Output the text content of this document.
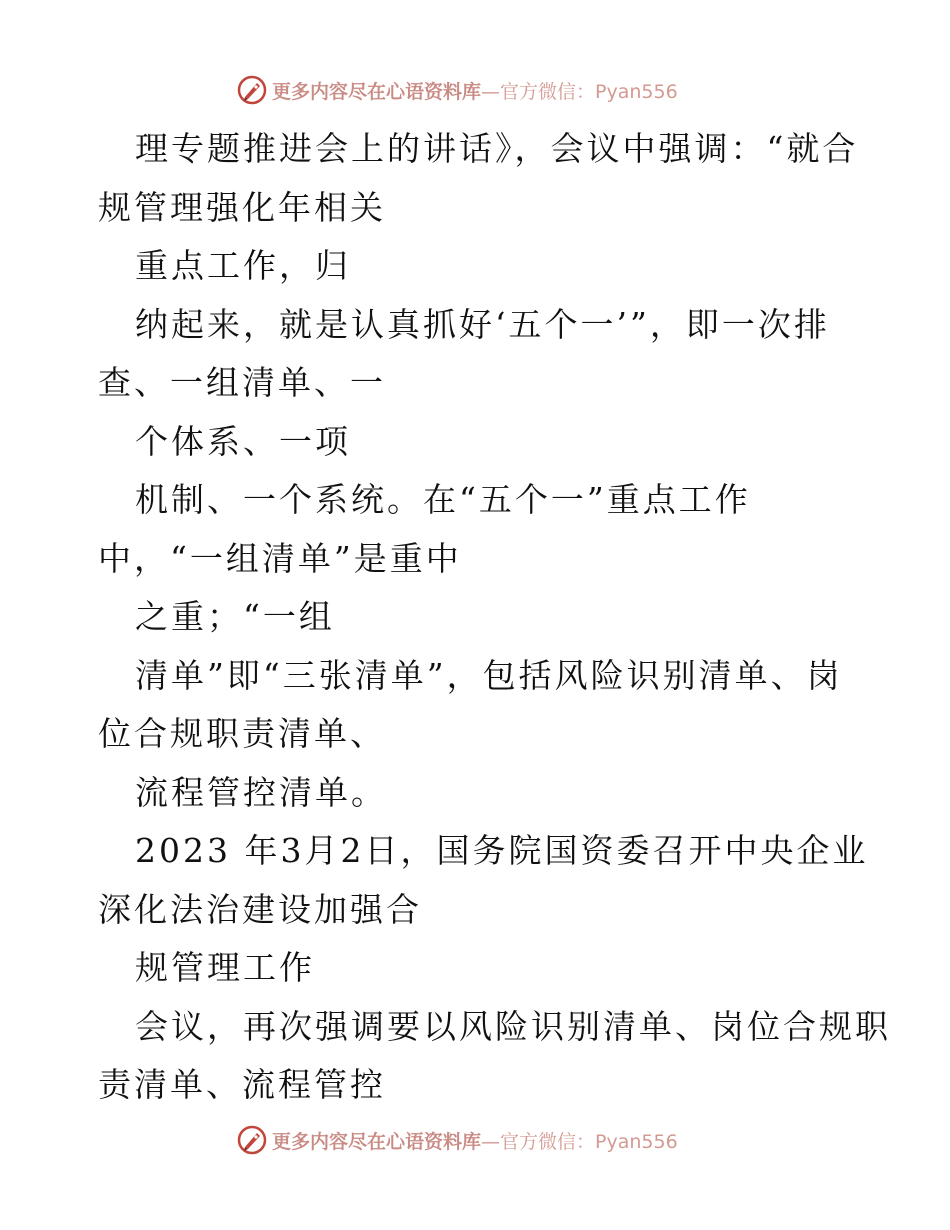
更多内容尽在心语资料库 —官方微信：Pyan556
理专题推进会上的讲话》，会议中强调：“就合
规管理强化年相关
重点工作，归
纳起来，就是认真抓好‘五个一’”，即一次排
查、一组清单、一
个体系、一项
机制、一个系统。在“五个一”重点工作
中，“一组清单”是重中
之重；“一组
清单”即“三张清单”，包括风险识别清单、岗
位合规职责清单、
流程管控清单。
2023 年3月2日，国务院国资委召开中央企业
深化法治建设加强合
规管理工作
会议，再次强调要以风险识别清单、岗位合规职
责清单、流程管控
更多内容尽在心语资料库 —官方微信：Pyan556
